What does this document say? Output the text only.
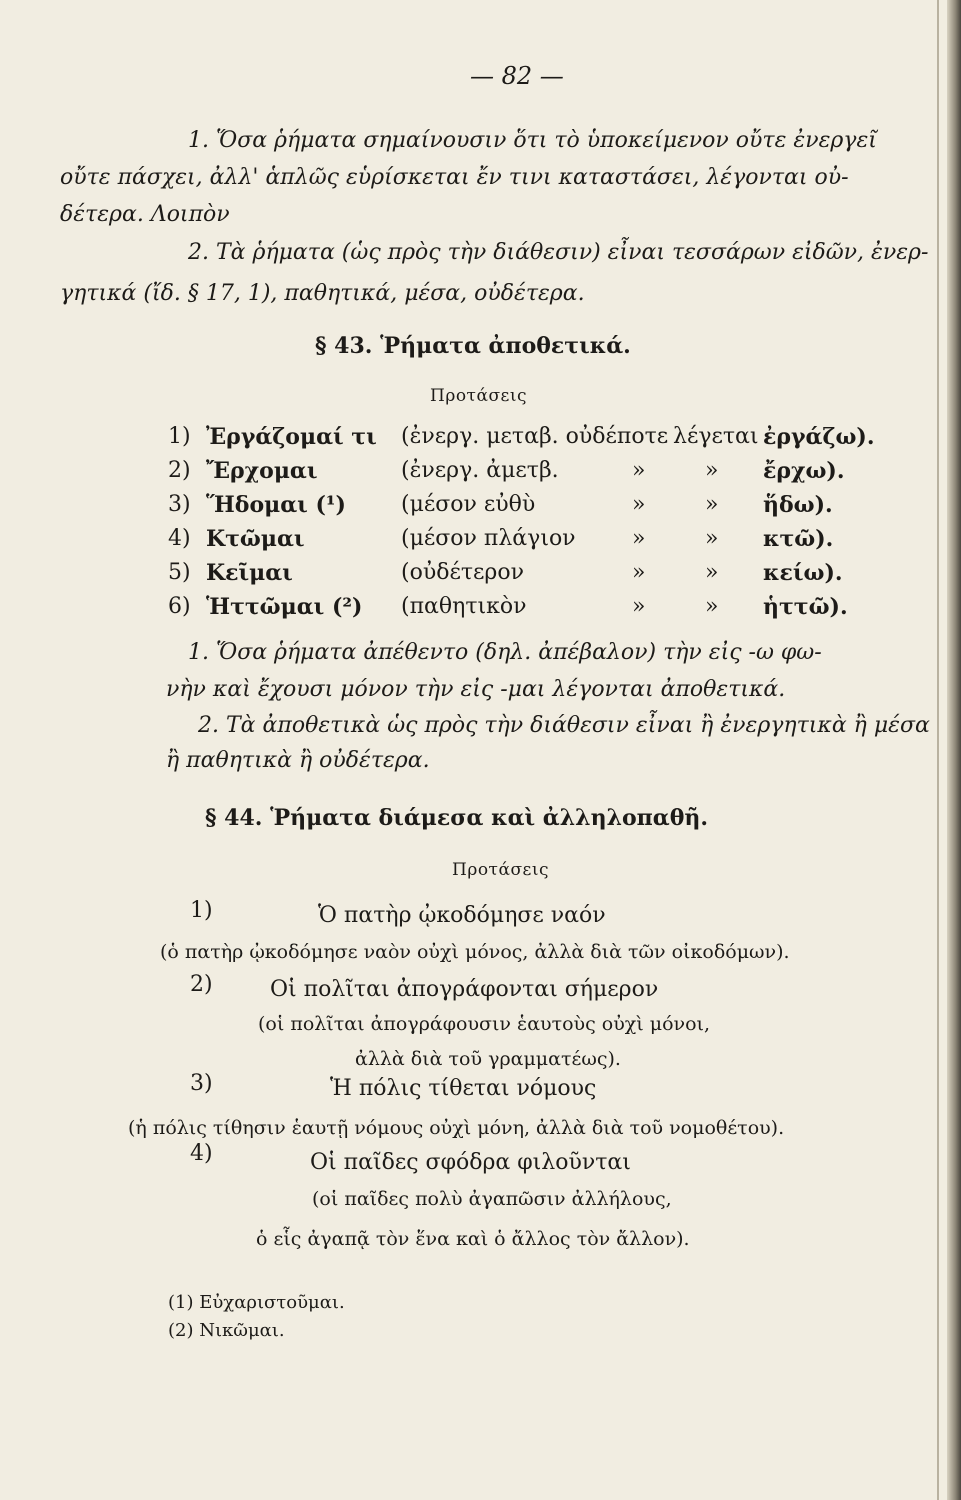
— 82 —
1. Ὅσα ῥήματα σημαίνουσιν ὅτι τὸ ὑποκείμενον οὔτε ἐνεργεῖ
οὔτε πάσχει, ἀλλ' ἁπλῶς εὑρίσκεται ἔν τινι καταστάσει, λέγονται οὐ-
δέτερα. Λοιπὸν
2. Τὰ ῥήματα (ὡς πρὸς τὴν διάθεσιν) εἶναι τεσσάρων εἰδῶν, ἐνερ-
γητικά (ἴδ. § 17, 1), παθητικά, μέσα, οὐδέτερα.
§ 43. Ῥήματα ἀποθετικά.
Προτάσεις
1) Ἐργάζομαί τι (ἐνεργ. μεταβ. οὐδέποτε λέγεται ἐργάζω).
2) Ἔρχομαι	(ἐνεργ. ἀμετβ.	»	» ἔρχω).
3) Ἥδομαι (¹)	(μέσον εὐθὺ	»	» ἥδω).
4) Κτῶμαι	(μέσον πλάγιον	»	» κτῶ).
5) Κεῖμαι	(οὐδέτερον	»	» κείω).
6) Ἡττῶμαι (²) (παθητικὸν	»	» ἡττῶ).
1. Ὅσα ῥήματα ἀπέθεντο (δηλ. ἀπέβαλον) τὴν εἰς -ω φω-
νὴν καὶ ἔχουσι μόνον τὴν εἰς -μαι λέγονται ἀποθετικά.
2. Τὰ ἀποθετικὰ ὡς πρὸς τὴν διάθεσιν εἶναι ἢ ἐνεργητικὰ ἢ μέσα
ἢ παθητικὰ ἢ οὐδέτερα.
§ 44. Ῥήματα διάμεσα καὶ ἀλληλοπαθῆ.
Προτάσεις
1)	Ὁ πατὴρ ᾠκοδόμησε ναόν
(ὁ πατὴρ ᾠκοδόμησε ναὸν οὐχὶ μόνος, ἀλλὰ διὰ τῶν οἰκοδόμων).
2)	Οἱ πολῖται ἀπογράφονται σήμερον
(οἱ πολῖται ἀπογράφουσιν ἑαυτοὺς οὐχὶ μόνοι,
ἀλλὰ διὰ τοῦ γραμματέως).
3)	Ἡ πόλις τίθεται νόμους
(ἡ πόλις τίθησιν ἑαυτῇ νόμους οὐχὶ μόνη, ἀλλὰ διὰ τοῦ νομοθέτου).
4)	Οἱ παῖδες σφόδρα φιλοῦνται
(οἱ παῖδες πολὺ ἀγαπῶσιν ἀλλήλους,
ὁ εἷς ἀγαπᾷ τὸν ἕνα καὶ ὁ ἄλλος τὸν ἄλλον).
(1) Εὐχαριστοῦμαι.
(2) Νικῶμαι.
